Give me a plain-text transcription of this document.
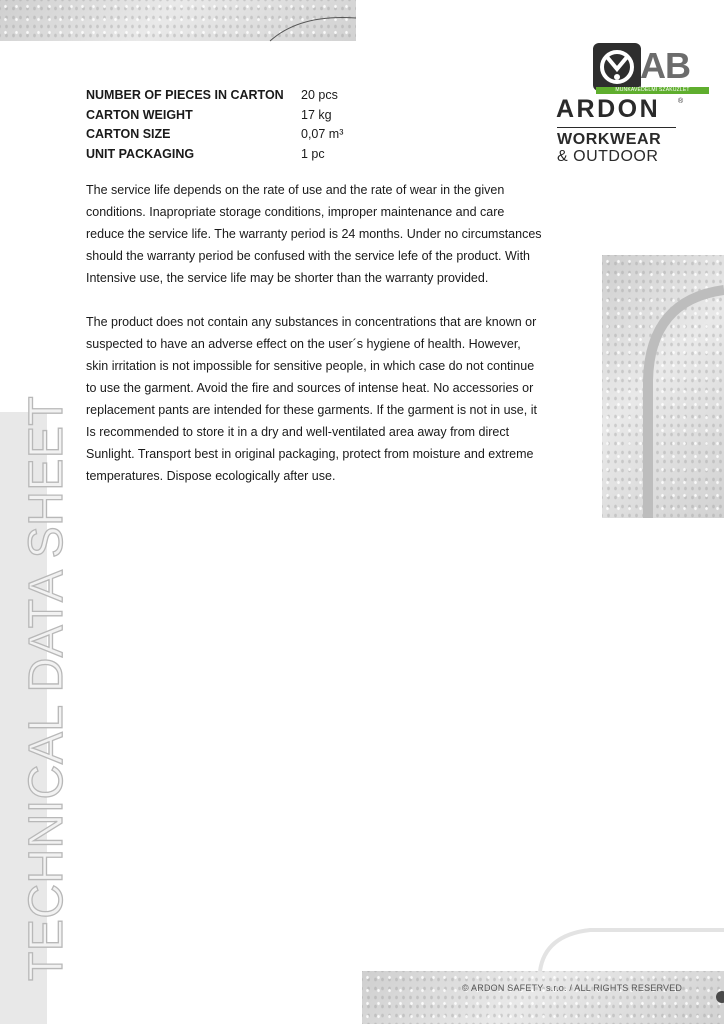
NUMBER OF PIECES IN CARTON	20 pcs
CARTON WEIGHT	17 kg
CARTON SIZE	0,07 m³
UNIT PACKAGING	1 pc

The service life depends on the rate of use and the rate of wear in the given conditions. Inapropriate storage conditions, improper maintenance and care reduce the service life. The warranty period is 24 months. Under no circumstances should the warranty period be confused with the service lefe of the product. With Intensive use, the service life may be shorter than the warranty provided.

The product does not contain any substances in concentrations that are known or suspected to have an adverse effect on the user´s hygiene of health. However, skin irritation is not impossible for sensitive people, in which case do not continue to use the garment. Avoid the fire and sources of intense heat. No accessories or replacement pants are intended for these garments. If the garment is not in use, it Is recommended to store it in a dry and well-ventilated area away from direct Sunlight. Transport best in original packaging, protect from moisture and extreme temperatures. Dispose ecologically after use.

AB
MUNKAVÉDELMI SZAKÜZLET
ARDON	®
WORKWEAR
& OUTDOOR
TECHNICAL DATA SHEET
© ARDON SAFETY s.r.o. / ALL RIGHTS RESERVED
